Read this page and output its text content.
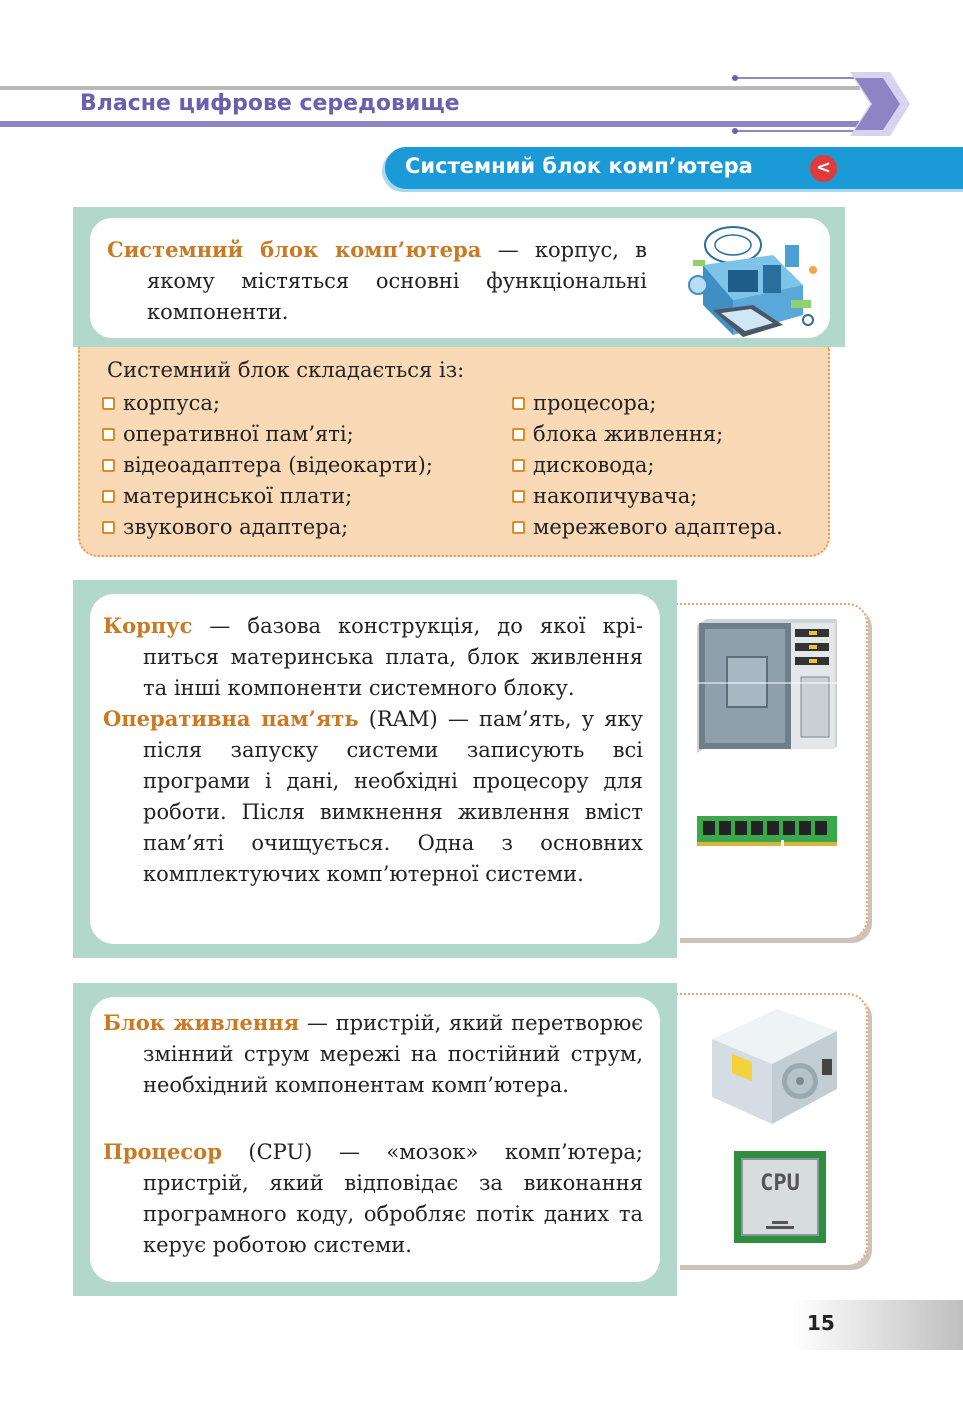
Власне цифрове середовище
Системний блок комп’ютера	<
Системний блок комп’ютера — корпус, в якому містяться основні функціональні компоненти.
Системний блок складається із:
корпуса;
оперативної пам’яті;
відеоадаптера (відеокарти);
материнської плати;
звукового адаптера;
процесора;
блока живлення;
дисковода;
накопичувача;
мережевого адаптера.
Корпус — базова конструкція, до якої кріпиться материнська плата, блок живлення та інші компоненти системного блоку.
Оперативна пам’ять (RAM) — пам’ять, у яку після запуску системи записують всі програми і дані, необхідні процесору для роботи. Після вимкнення живлення вміст пам’яті очищується. Одна з основних комплектуючих комп’ютерної системи.
CPU
Блок живлення — пристрій, який перетворює змінний струм мережі на постійний струм, необхідний компонентам комп’ютера.
Процесор (CPU) — «мозок» комп’ютера; пристрій, який відповідає за виконання програмного коду, обробляє потік даних та керує роботою системи.
15
